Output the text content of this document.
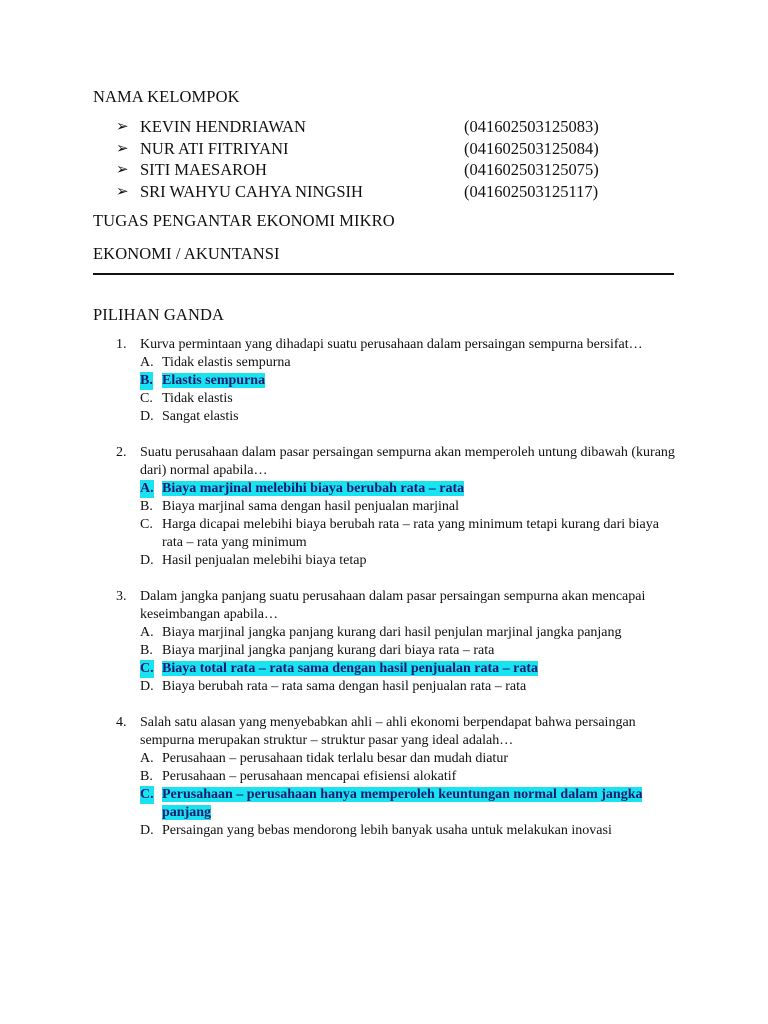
NAMA KELOMPOK
➢ KEVIN HENDRIAWAN	(041602503125083)
➢ NUR ATI FITRIYANI	(041602503125084)
➢ SITI MAESAROH	(041602503125075)
➢ SRI WAHYU CAHYA NINGSIH	(041602503125117)
TUGAS PENGANTAR EKONOMI MIKRO
EKONOMI / AKUNTANSI
PILIHAN GANDA
1. Kurva permintaan yang dihadapi suatu perusahaan dalam persaingan sempurna bersifat…
A. Tidak elastis sempurna
B. Elastis sempurna
C. Tidak elastis
D. Sangat elastis
2. Suatu perusahaan dalam pasar persaingan sempurna akan memperoleh untung dibawah (kurang dari) normal apabila…
A. Biaya marjinal melebihi biaya berubah rata – rata
B. Biaya marjinal sama dengan hasil penjualan marjinal
C. Harga dicapai melebihi biaya berubah rata – rata yang minimum tetapi kurang dari biaya rata – rata yang minimum
D. Hasil penjualan melebihi biaya tetap
3. Dalam jangka panjang suatu perusahaan dalam pasar persaingan sempurna akan mencapai keseimbangan apabila…
A. Biaya marjinal jangka panjang kurang dari hasil penjulan marjinal jangka panjang
B. Biaya marjinal jangka panjang kurang dari biaya rata – rata
C. Biaya total rata – rata sama dengan hasil penjualan rata – rata
D. Biaya berubah rata – rata sama dengan hasil penjualan rata – rata
4. Salah satu alasan yang menyebabkan ahli – ahli ekonomi berpendapat bahwa persaingan sempurna merupakan struktur – struktur pasar yang ideal adalah…
A. Perusahaan – perusahaan tidak terlalu besar dan mudah diatur
B. Perusahaan – perusahaan mencapai efisiensi alokatif
C. Perusahaan – perusahaan hanya memperoleh keuntungan normal dalam jangka panjang
D. Persaingan yang bebas mendorong lebih banyak usaha untuk melakukan inovasi
